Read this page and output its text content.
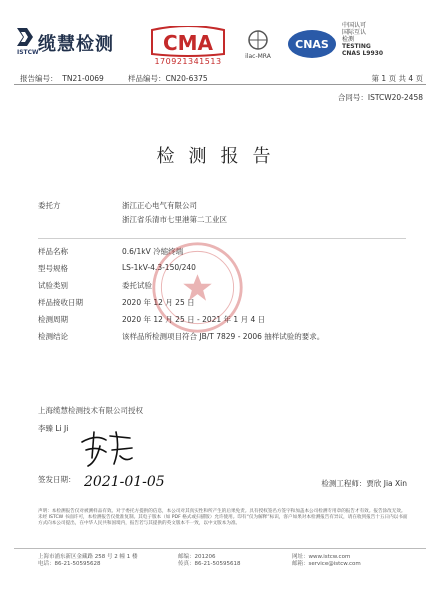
缆慧检测
ISTCW	CMA
170921341513
ilac-MRA
CNAS
中国认可
国际互认
检测
TESTING
CNAS L9930
报告编号： TN21-0069	样品编号：CN20-6375	第 1 页 共 4 页
合同号：ISTCW20-2458
检测报告
委托方	浙江正心电气有限公司
浙江省乐清市七里港第二工业区
样品名称	0.6/1kV 冷缩终端
型号规格	LS-1kV-4.3-150/240
试验类别	委托试验
样品接收日期	2020 年 12 月 25 日
检测周期	2020 年 12 月 25 日 - 2021 年 1 月 4 日
检测结论	该样品所检测项目符合 JB/T 7829 - 2006 抽样试验的要求。
上海缆慧检测技术有限公司授权
李臻 Li Ji
签发日期： 2021-01-05	检测工程师：贾欣 Jia Xin
声明：本检测报告仅对被测样品有效。对于委托方提供的信息，本公司对其真实性和所产生的后果免责。具有授权签名方签字和加盖本公司检测专用章的报告才有效。报告涂改无效。未经 ISTCW 书面许可，本检测报告仅批准复制。其电子版本（如 PDF 格式或扫描版）允许使用。印有“仅为解释”标识，客户如果对本检测报告有异议，请在收到报告十五日内以书面方式向本公司提出，在中华人民共和国境内，报告若与其提供的英文版本不一致，以中文版本为准。
上海市浦东新区金藏路 258 号 2 幢 1 楼
电话：86-21-50595628
邮编：201206
传真：86-21-50595618
网址：www.istcw.com
邮箱：service@istcw.com
